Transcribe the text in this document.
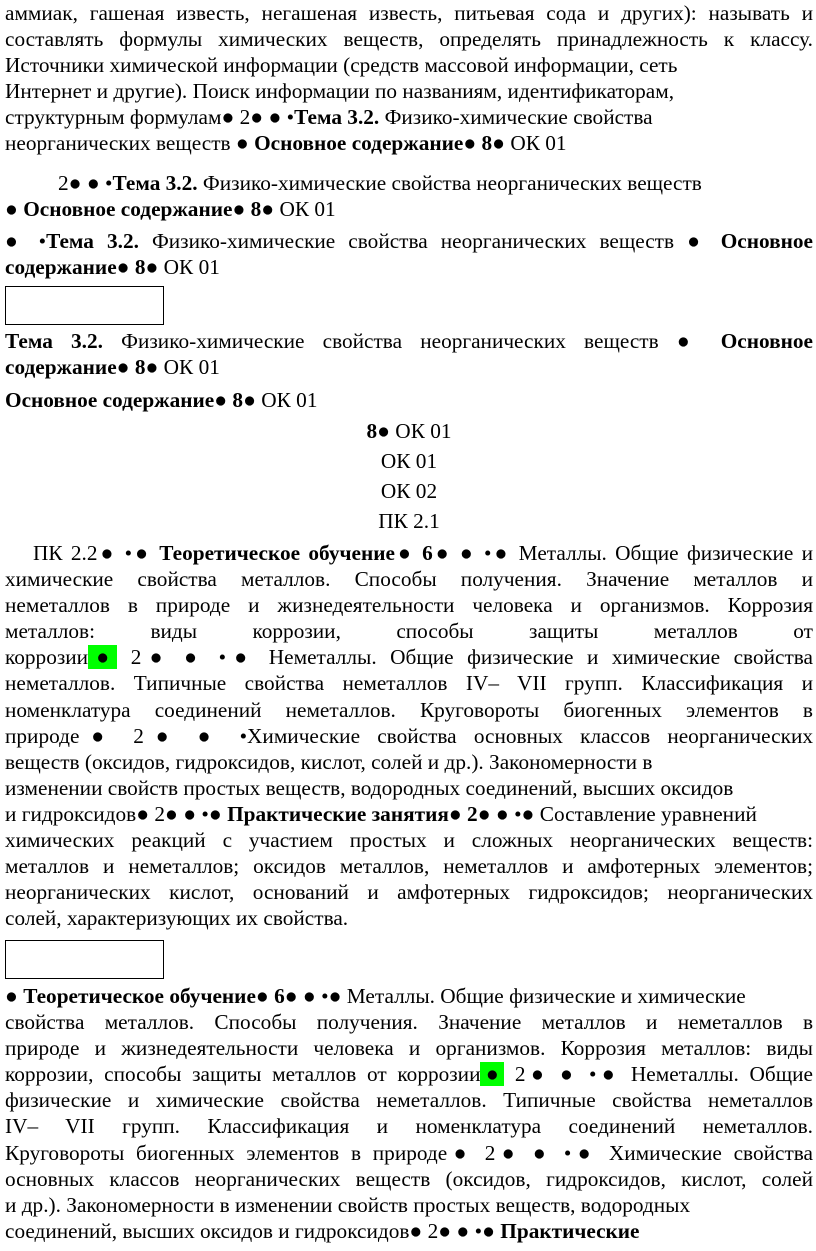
аммиак, гашеная известь, негашеная известь, питьевая сода и других): называть и
составлять формулы химических веществ, определять принадлежность к классу.
Источники химической информации (средств массовой информации, сеть
Интернет и другие). Поиск информации по названиям, идентификаторам,
структурным формулам● 2● ● •Тема 3.2. Физико-химические свойства
неорганических веществ ● Основное содержание● 8● ОК 01
2● ● •Тема 3.2. Физико-химические свойства неорганических веществ
● Основное содержание● 8● ОК 01
● •Тема 3.2. Физико-химические свойства неорганических веществ ● Основное
содержание● 8● ОК 01
Тема 3.2. Физико-химические свойства неорганических веществ ● Основное
содержание● 8● ОК 01
Основное содержание● 8● ОК 01
8● ОК 01
ОК 01
ОК 02
ПК 2.1
ПК 2.2● •● Теоретическое обучение● 6● ● •● Металлы. Общие физические и
химические свойства металлов. Способы получения. Значение металлов и
неметаллов в природе и жизнедеятельности человека и организмов. Коррозия
металлов: виды коррозии, способы защиты металлов от
коррозии● 2● ● •● Неметаллы. Общие физические и химические свойства
неметаллов. Типичные свойства неметаллов IV– VII групп. Классификация и
номенклатура соединений неметаллов. Круговороты биогенных элементов в
природе● 2● ● •Химические свойства основных классов неорганических
веществ (оксидов, гидроксидов, кислот, солей и др.). Закономерности в
изменении свойств простых веществ, водородных соединений, высших оксидов
и гидроксидов● 2● ● •● Практические занятия● 2● ● •● Составление уравнений
химических реакций с участием простых и сложных неорганических веществ:
металлов и неметаллов; оксидов металлов, неметаллов и амфотерных элементов;
неорганических кислот, оснований и амфотерных гидроксидов; неорганических
солей, характеризующих их свойства.
● Теоретическое обучение● 6● ● •● Металлы. Общие физические и химические
свойства металлов. Способы получения. Значение металлов и неметаллов в
природе и жизнедеятельности человека и организмов. Коррозия металлов: виды
коррозии, способы защиты металлов от коррозии● 2● ● •● Неметаллы. Общие
физические и химические свойства неметаллов. Типичные свойства неметаллов
IV– VII групп. Классификация и номенклатура соединений неметаллов.
Круговороты биогенных элементов в природе● 2● ● •● Химические свойства
основных классов неорганических веществ (оксидов, гидроксидов, кислот, солей
и др.). Закономерности в изменении свойств простых веществ, водородных
соединений, высших оксидов и гидроксидов● 2● ● •● Практические
